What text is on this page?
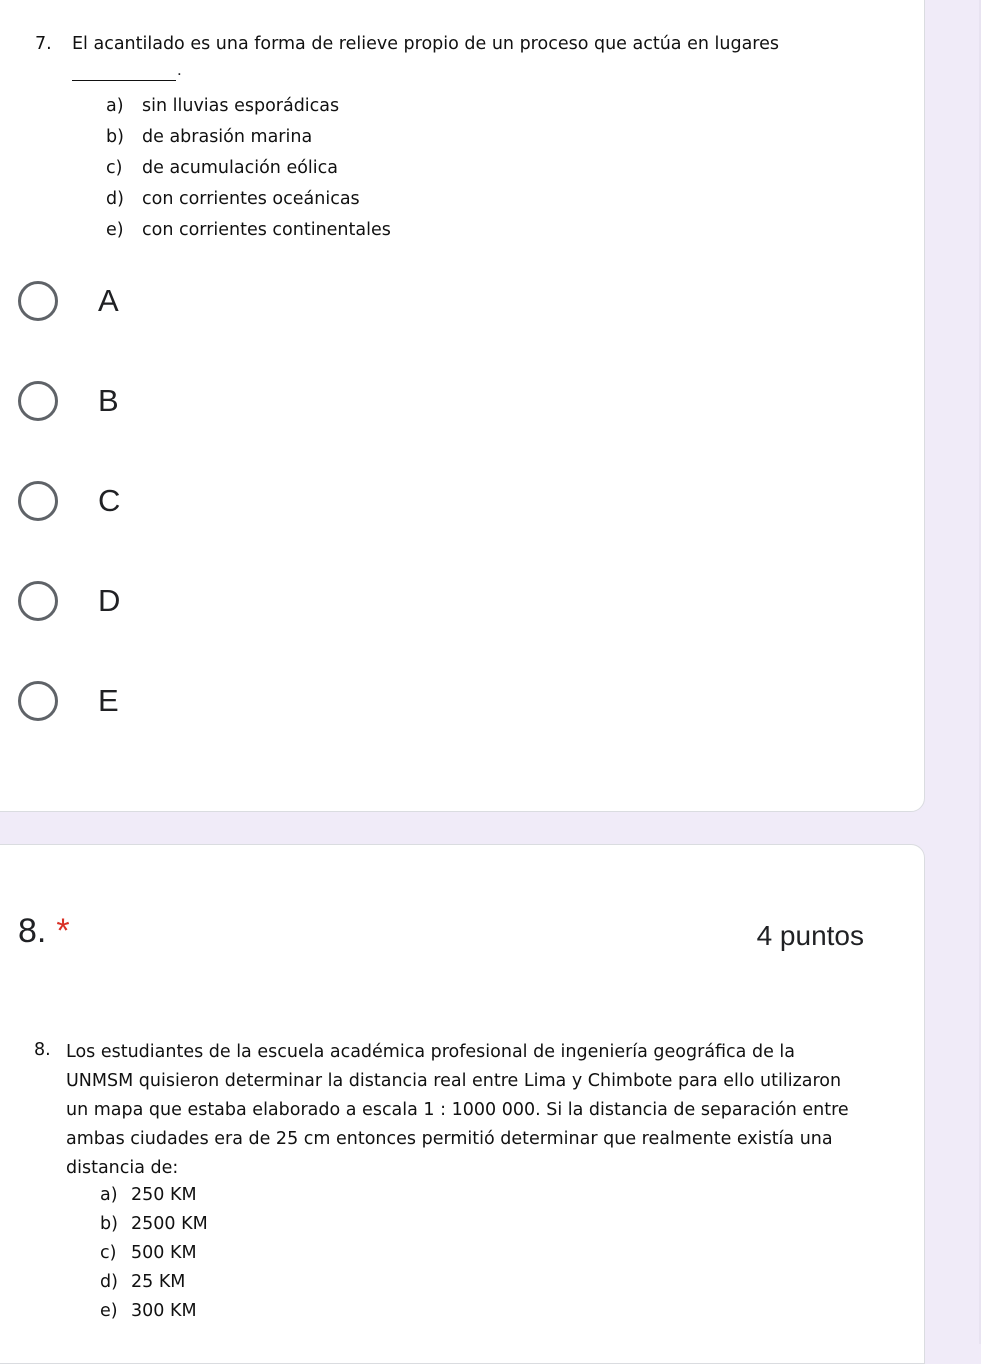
7. El acantilado es una forma de relieve propio de un proceso que actúa en lugares
.
a)	sin lluvias esporádicas
b)	de abrasión marina
c)	de acumulación eólica
d)	con corrientes oceánicas
e)	con corrientes continentales
A
B
C
D
E
8. *	4 puntos
8. Los estudiantes de la escuela académica profesional de ingeniería geográfica de la UNMSM quisieron determinar la distancia real entre Lima y Chimbote para ello utilizaron un mapa que estaba elaborado a escala 1 : 1000 000. Si la distancia de separación entre ambas ciudades era de 25 cm entonces permitió determinar que realmente existía una distancia de:
a) 250 KM
b) 2500 KM
c) 500 KM
d) 25 KM
e) 300 KM
